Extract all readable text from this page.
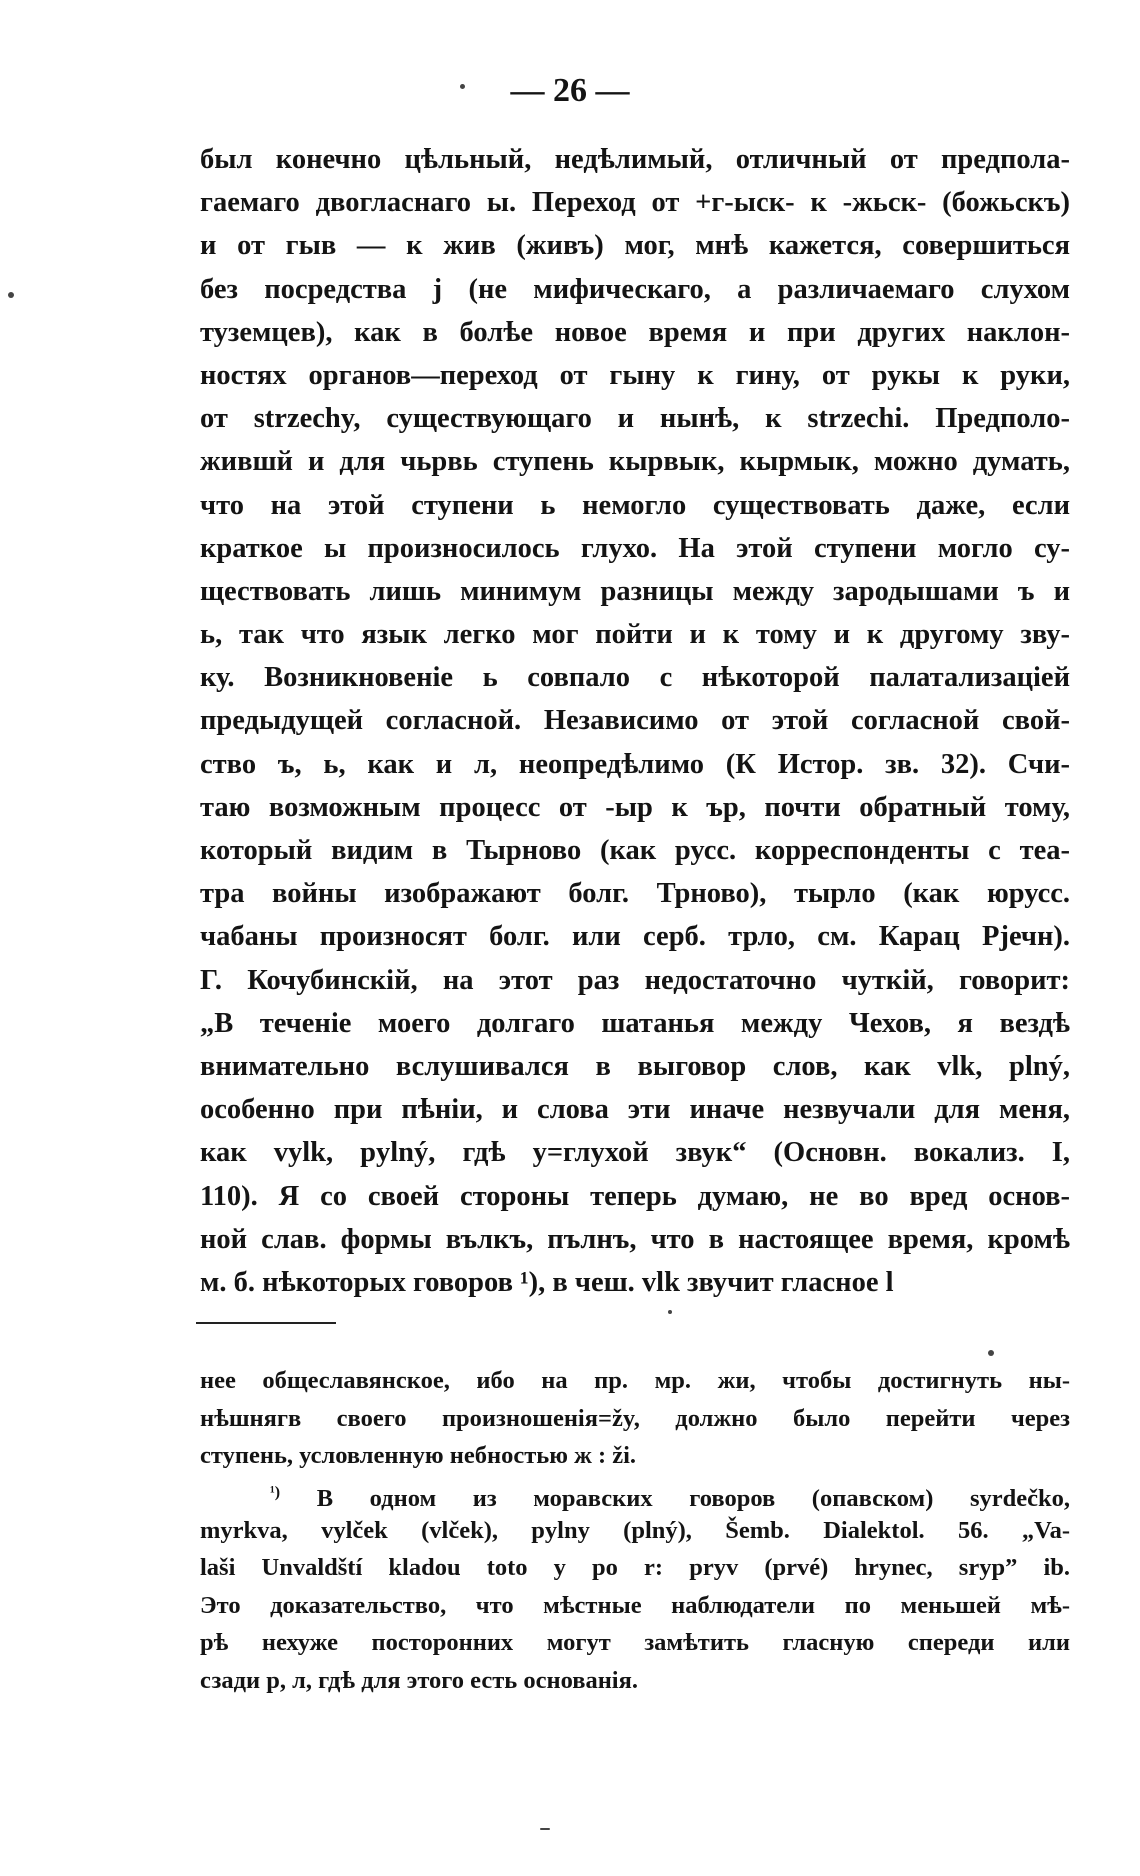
— 26 —
был конечно цѣльный, недѣлимый, отличный от предпола-
гаемаго двогласнаго ы. Переход от +г-ыск- к -жьск- (божьскъ)
и от гыв — к жив (живъ) мог, мнѣ кажется, совершиться
без посредства j (не мифическаго, а различаемаго слухом
туземцев), как в болѣе новое время и при других наклон-
ностях органов—переход от гыну к гину, от рукы к руки,
от strzechy, существующаго и нынѣ, к strzechi. Предполо-
жившй и для чьрвь ступень кырвык, кырмык, можно думать,
что на этой ступени ь немогло существовать даже, если
краткое ы произносилось глухо. На этой ступени могло су-
ществовать лишь минимум разницы между зародышами ъ и
ь, так что язык легко мог пойти и к тому и к другому зву-
ку. Возникновеніе ь совпало с нѣкоторой палатализаціей
предыдущей согласной. Независимо от этой согласной свой-
ство ъ, ь, как и л, неопредѣлимо (К Истор. зв. 32). Счи-
таю возможным процесс от -ыр к ър, почти обратный тому,
который видим в Тырново (как русс. корреспонденты с теа-
тра войны изображают болг. Трново), тырло (как юрусс.
чабаны произносят болг. или серб. трло, см. Карац Рјечн).
Г. Кочубинскій, на этот раз недостаточно чуткій, говорит:
„В теченіе моего долгаго шатанья между Чехов, я вездѣ
внимательно вслушивался в выговор слов, как vlk, plný,
особенно при пѣніи, и слова эти иначе незвучали для меня,
как vylk, pylný, гдѣ y=глухой звук“ (Основн. вокализ. I,
110). Я со своей стороны теперь думаю, не во вред основ-
ной слав. формы вълкъ, пълнъ, что в настоящее время, кромѣ
м. б. нѣкоторых говоров ¹), в чеш. vlk звучит гласное l
нее общеславянское, ибо на пр. мр. жи, чтобы достигнуть ны-
нѣшнягв своего произношенія=žy, должно было перейти через
ступень, условленную небностью ж : ži.
$^{^1)}$ В одном из моравских говоров (опавском) syrdečko,
myrkva, vylček (vlček), pylny (plný), Šemb. Dialektol. 56. „Va-
laši Unvaldští kladou toto y po r: pryv (prvé) hrynec, sryp” ib.
Это доказательство, что мѣстные наблюдатели по меньшей мѣ-
рѣ нехуже посторонних могут замѣтить гласную спереди или
сзади р, л, гдѣ для этого есть основанія.
